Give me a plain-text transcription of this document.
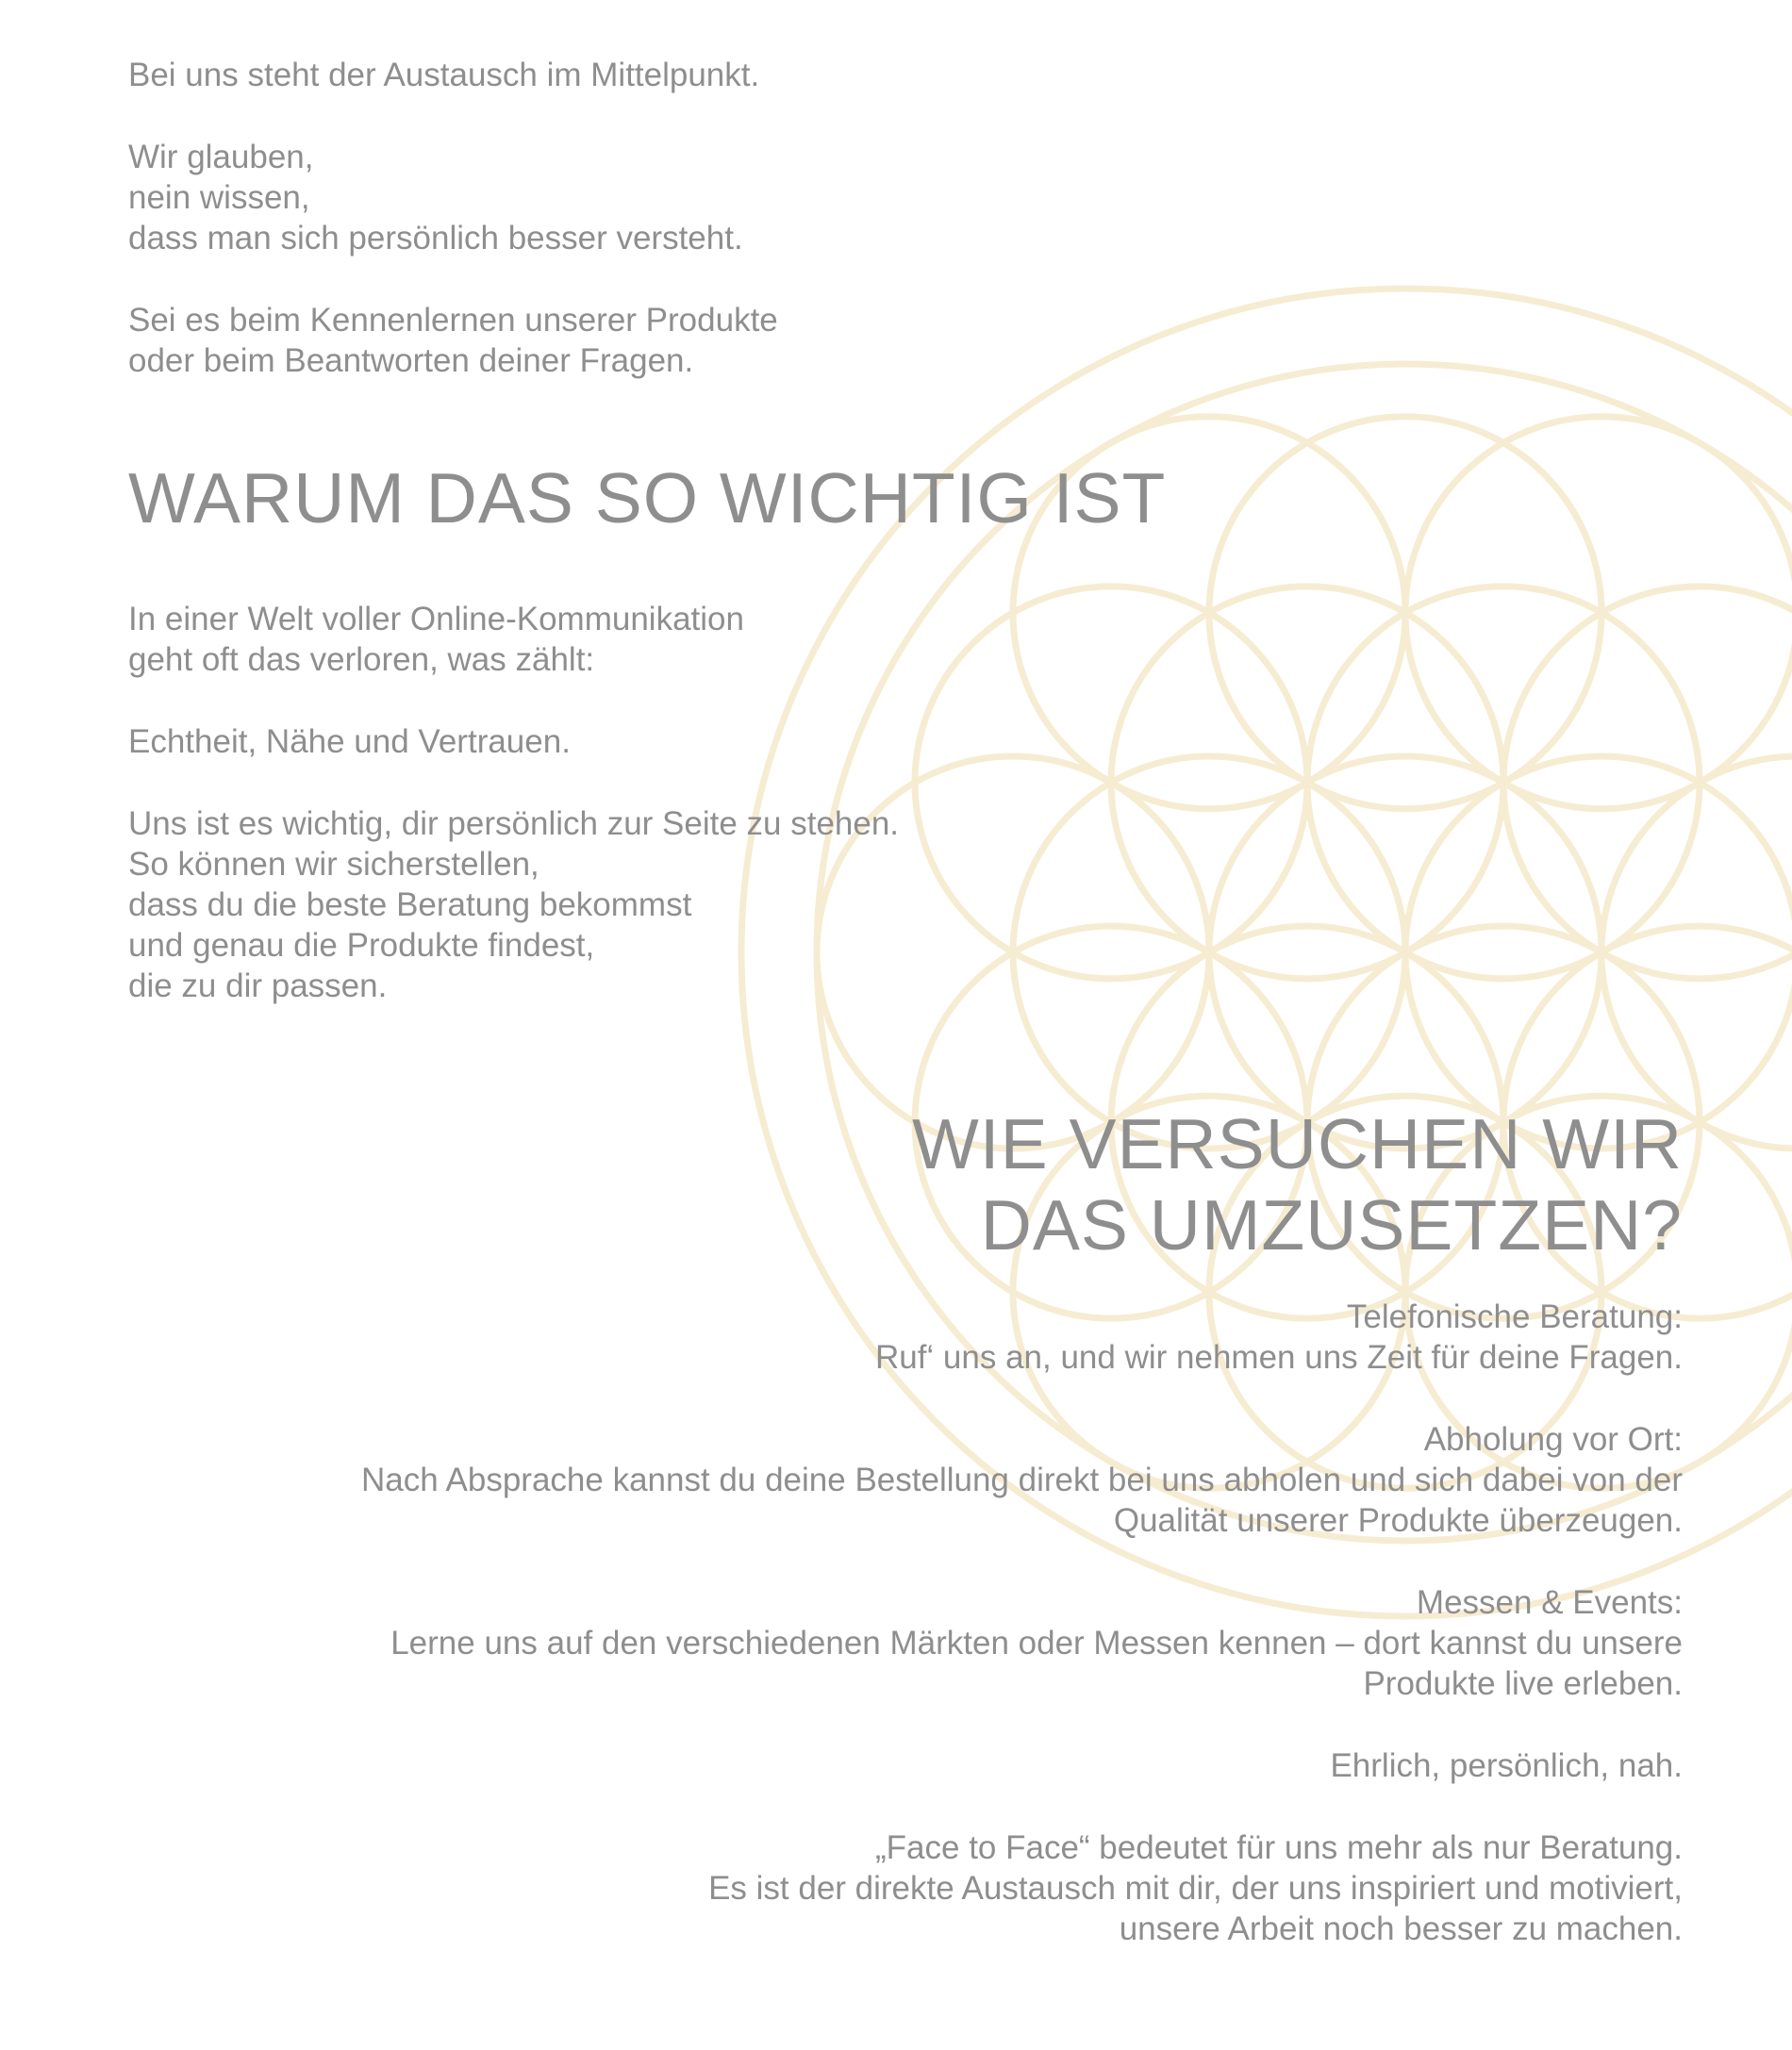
Bei uns steht der Austausch im Mittelpunkt.

Wir glauben,
nein wissen,
dass man sich persönlich besser versteht.

Sei es beim Kennenlernen unserer Produkte
oder beim Beantworten deiner Fragen.

WARUM DAS SO WICHTIG IST

In einer Welt voller Online-Kommunikation
geht oft das verloren, was zählt:

Echtheit, Nähe und Vertrauen.

Uns ist es wichtig, dir persönlich zur Seite zu stehen.
So können wir sicherstellen,
dass du die beste Beratung bekommst
und genau die Produkte findest,
die zu dir passen.

WIE VERSUCHEN WIR
DAS UMZUSETZEN?

Telefonische Beratung:
Ruf‘ uns an, und wir nehmen uns Zeit für deine Fragen.

Abholung vor Ort:
Nach Absprache kannst du deine Bestellung direkt bei uns abholen und sich dabei von der
Qualität unserer Produkte überzeugen.

Messen & Events:
Lerne uns auf den verschiedenen Märkten oder Messen kennen – dort kannst du unsere
Produkte live erleben.

Ehrlich, persönlich, nah.

„Face to Face“ bedeutet für uns mehr als nur Beratung.
Es ist der direkte Austausch mit dir, der uns inspiriert und motiviert,
unsere Arbeit noch besser zu machen.
